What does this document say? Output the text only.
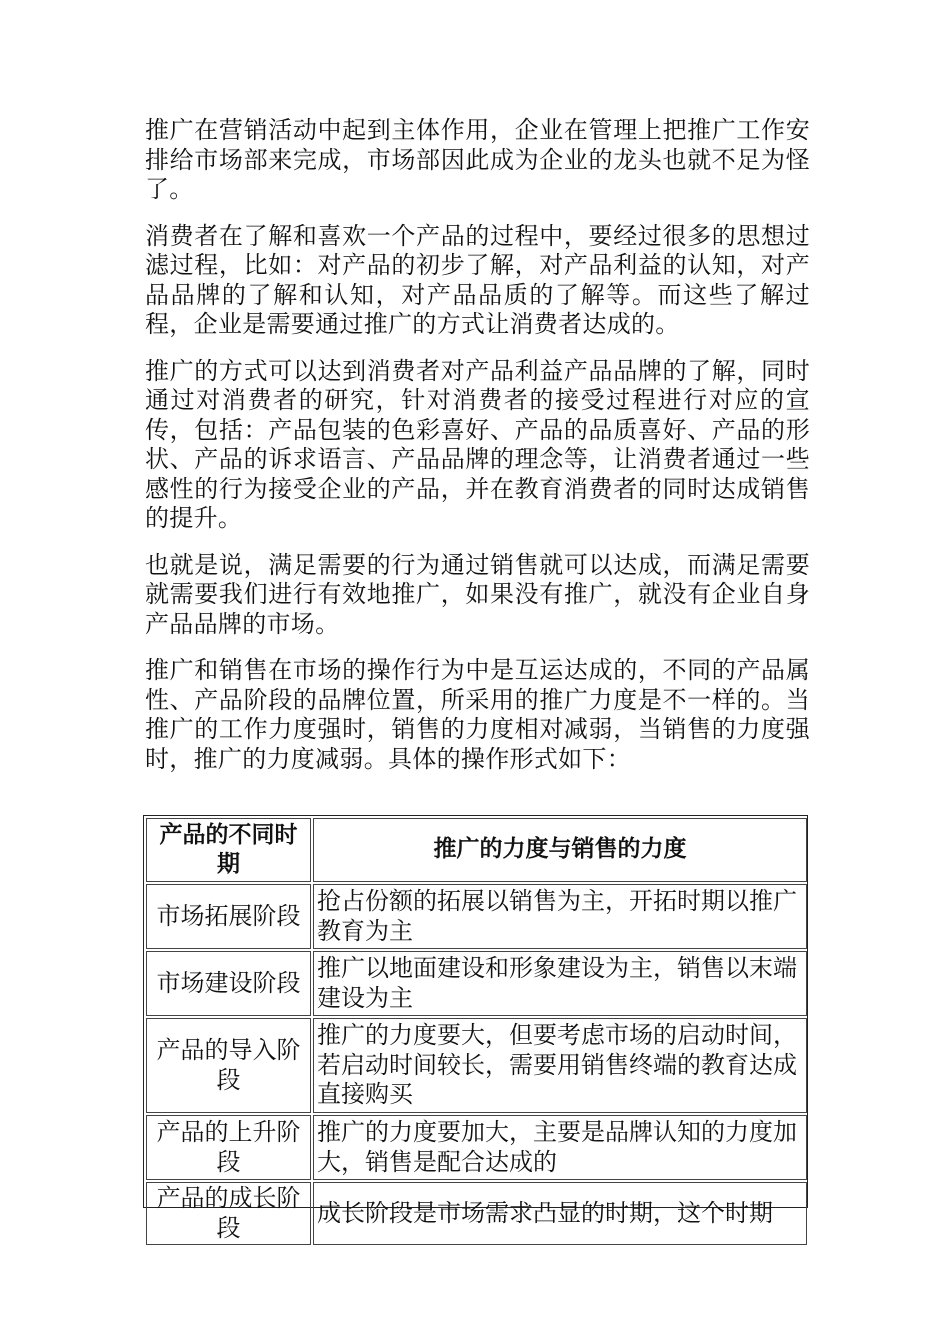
推广在营销活动中起到主体作用，企业在管理上把推广工作安排给市场部来完成，市场部因此成为企业的龙头也就不足为怪了。

消费者在了解和喜欢一个产品的过程中，要经过很多的思想过滤过程，比如：对产品的初步了解，对产品利益的认知，对产品品牌的了解和认知，对产品品质的了解等。而这些了解过程，企业是需要通过推广的方式让消费者达成的。

推广的方式可以达到消费者对产品利益产品品牌的了解，同时通过对消费者的研究，针对消费者的接受过程进行对应的宣传，包括：产品包装的色彩喜好、产品的品质喜好、产品的形状、产品的诉求语言、产品品牌的理念等，让消费者通过一些感性的行为接受企业的产品，并在教育消费者的同时达成销售的提升。

也就是说，满足需要的行为通过销售就可以达成，而满足需要就需要我们进行有效地推广，如果没有推广，就没有企业自身产品品牌的市场。

推广和销售在市场的操作行为中是互运达成的，不同的产品属性、产品阶段的品牌位置，所采用的推广力度是不一样的。当推广的工作力度强时，销售的力度相对减弱，当销售的力度强时，推广的力度减弱。具体的操作形式如下：

产品的不同时期	推广的力度与销售的力度
市场拓展阶段	抢占份额的拓展以销售为主，开拓时期以推广教育为主
市场建设阶段	推广以地面建设和形象建设为主，销售以末端建设为主
产品的导入阶段	推广的力度要大，但要考虑市场的启动时间，若启动时间较长，需要用销售终端的教育达成直接购买
产品的上升阶段	推广的力度要加大，主要是品牌认知的力度加大，销售是配合达成的
产品的成长阶段	成长阶段是市场需求凸显的时期，这个时期
